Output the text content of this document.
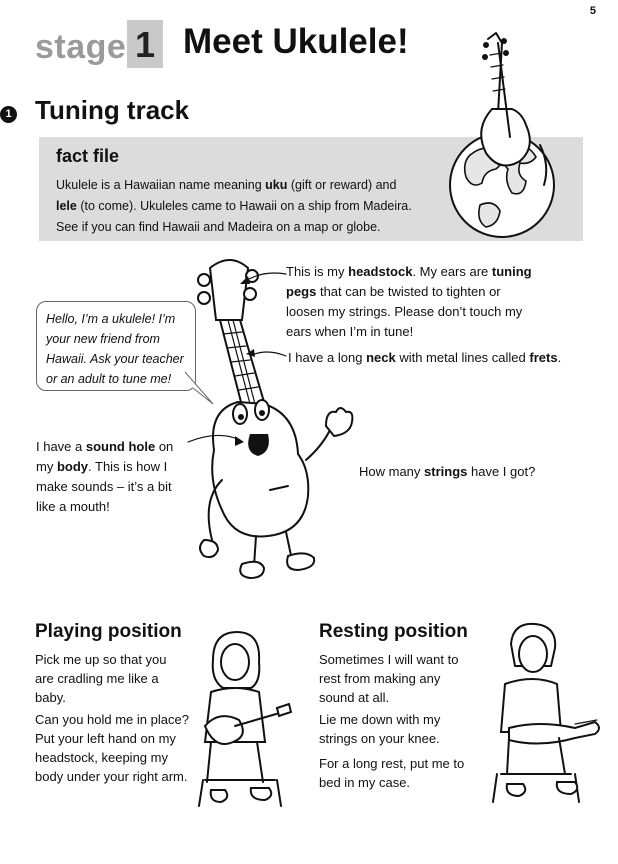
5
stage 1 Meet Ukulele!
1 Tuning track
fact file
Ukulele is a Hawaiian name meaning uku (gift or reward) and
lele (to come). Ukuleles came to Hawaii on a ship from Madeira.
See if you can find Hawaii and Madeira on a map or globe.
Hello, I’m a ukulele! I’m your new friend from Hawaii. Ask your teacher or an adult to tune me!
This is my headstock. My ears are tuning pegs that can be twisted to tighten or loosen my strings. Please don’t touch my ears when I’m in tune!
I have a long neck with metal lines called frets.
I have a sound hole on my body. This is how I make sounds – it’s a bit like a mouth!
How many strings have I got?
Playing position
Pick me up so that you are cradling me like a baby.
Can you hold me in place? Put your left hand on my headstock, keeping my body under your right arm.
Resting position
Sometimes I will want to rest from making any sound at all.
Lie me down with my strings on your knee.
For a long rest, put me to bed in my case.
